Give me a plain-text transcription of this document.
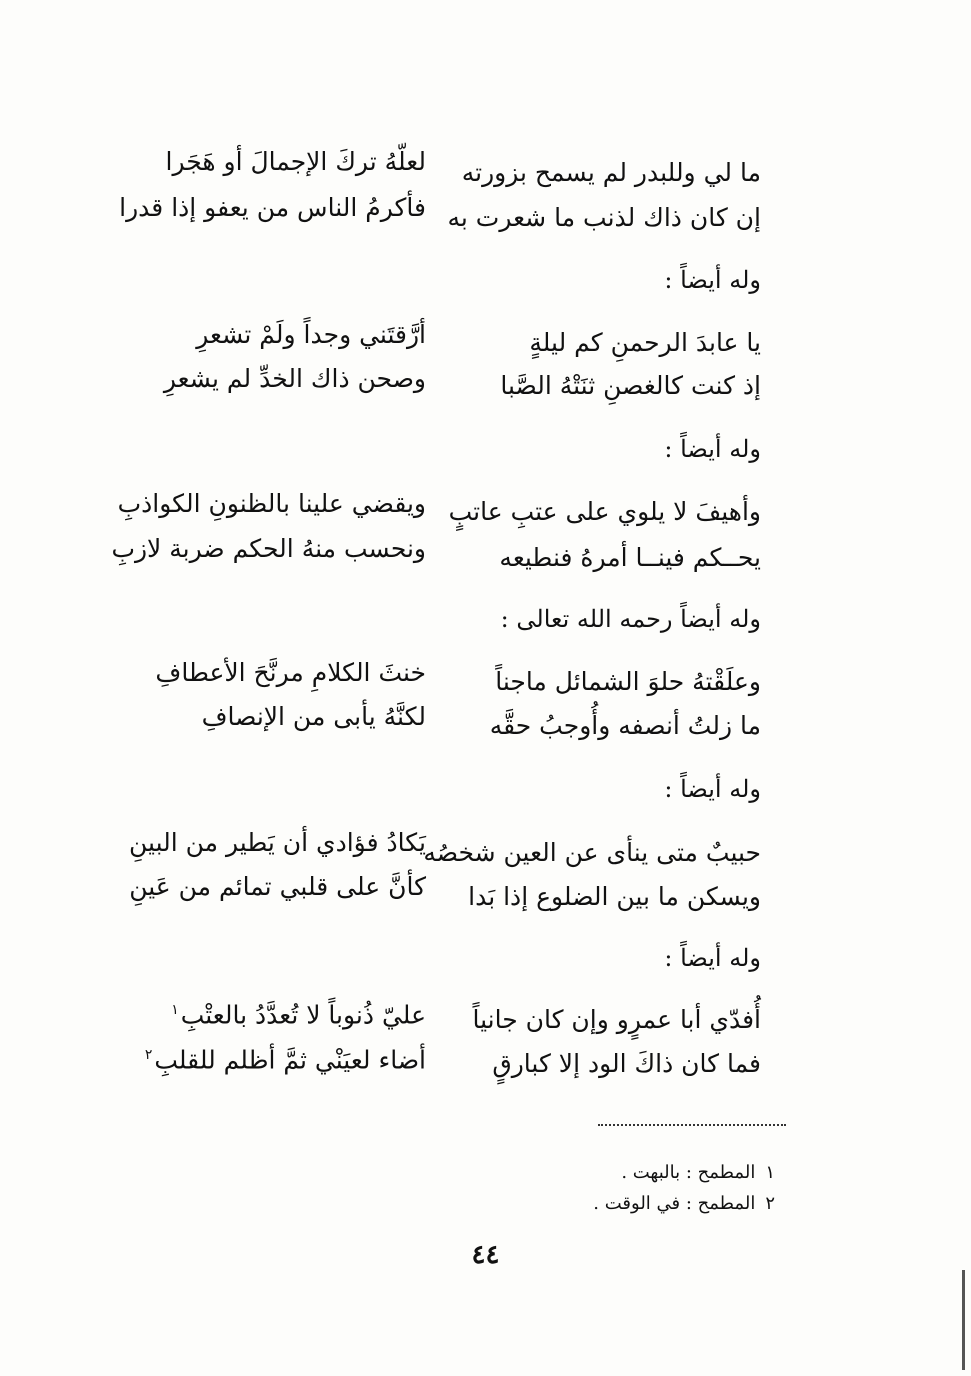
ما لي وللبدر لم يسمح بزورته
لعلّهُ تركَ الإجمالَ أو هَجَرا
إن كان ذاك لذنب ما شعرت به
فأكرمُ الناس من يعفو إذا قدرا
وله أيضاً :
يا عابدَ الرحمنِ كم ليلةٍ
أرَّقتَني وجداً ولَمْ تشعرِ
إذ كنت كالغصنِ ثنَتْهُ الصَّبا
وصحن ذاك الخدِّ لم يشعرِ
وله أيضاً :
وأهيفَ لا يلوي على عتبِ عاتبٍ
ويقضي علينا بالظنونِ الكواذبِ
يحــكم فينــا أمرهُ فنطيعه
ونحسب منهُ الحكم ضربة لازبِ
وله أيضاً رحمه الله تعالى :
وعلَقْتهُ حلوَ الشمائل ماجناً
خنثَ الكلامِ مرنَّحَ الأعطافِ
ما زلتُ أنصفه وأُوجبُ حقَّه
لكنَّهُ يأبى من الإنصافِ
وله أيضاً :
حبيبٌ متى ينأى عن العين شخصُه
يَكادُ فؤادي أن يَطير من البينِ
ويسكن ما بين الضلوع إذا بَدا
كأنَّ على قلبي تمائم من عَينِ
وله أيضاً :
أُفدّي أبا عمرٍو وإن كان جانياً
عليّ ذُنوباً لا تُعدَّدُ بالعتْبِ$^١$
فما كان ذاكَ الود إلا كبارقٍ
أضاء لعيَنْي ثمَّ أظلم للقلبِ$^٢$
١المطمح : بالبهت .
٢المطمح : في الوقت .
٤٤
